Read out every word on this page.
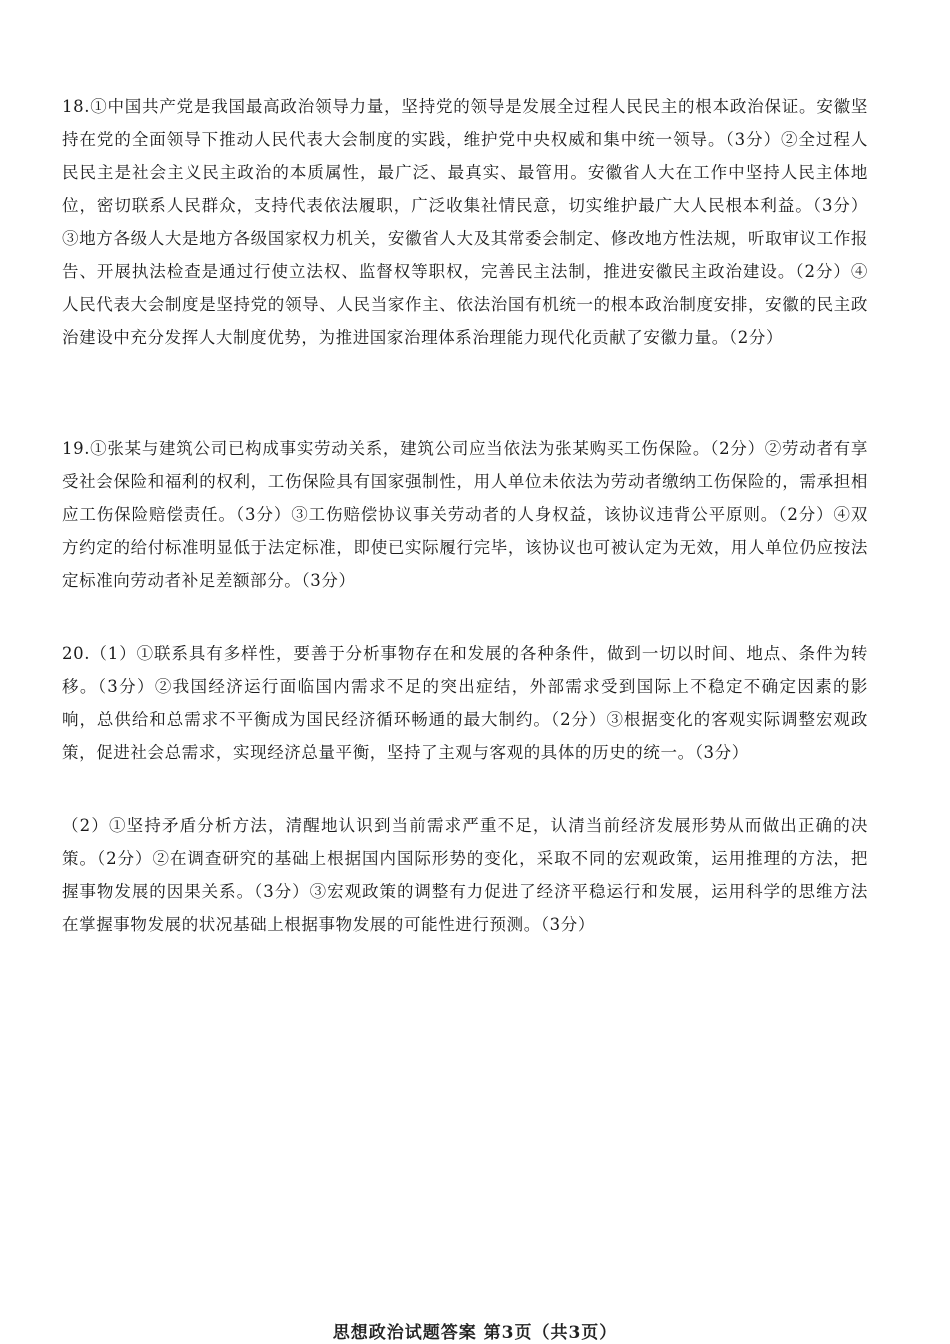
18.①中国共产党是我国最高政治领导力量，坚持党的领导是发展全过程人民民主的根本政治保证。安徽坚持在党的全面领导下推动人民代表大会制度的实践，维护党中央权威和集中统一领导。（3分）②全过程人民民主是社会主义民主政治的本质属性，最广泛、最真实、最管用。安徽省人大在工作中坚持人民主体地位，密切联系人民群众，支持代表依法履职，广泛收集社情民意，切实维护最广大人民根本利益。（3分）③地方各级人大是地方各级国家权力机关，安徽省人大及其常委会制定、修改地方性法规，听取审议工作报告、开展执法检查是通过行使立法权、监督权等职权，完善民主法制，推进安徽民主政治建设。（2分）④人民代表大会制度是坚持党的领导、人民当家作主、依法治国有机统一的根本政治制度安排，安徽的民主政治建设中充分发挥人大制度优势，为推进国家治理体系治理能力现代化贡献了安徽力量。（2分）

19.①张某与建筑公司已构成事实劳动关系，建筑公司应当依法为张某购买工伤保险。（2分）②劳动者有享受社会保险和福利的权利，工伤保险具有国家强制性，用人单位未依法为劳动者缴纳工伤保险的，需承担相应工伤保险赔偿责任。（3分）③工伤赔偿协议事关劳动者的人身权益，该协议违背公平原则。（2分）④双方约定的给付标准明显低于法定标准，即使已实际履行完毕，该协议也可被认定为无效，用人单位仍应按法定标准向劳动者补足差额部分。（3分）

20.（1）①联系具有多样性，要善于分析事物存在和发展的各种条件，做到一切以时间、地点、条件为转移。（3分）②我国经济运行面临国内需求不足的突出症结，外部需求受到国际上不稳定不确定因素的影响，总供给和总需求不平衡成为国民经济循环畅通的最大制约。（2分）③根据变化的客观实际调整宏观政策，促进社会总需求，实现经济总量平衡，坚持了主观与客观的具体的历史的统一。（3分）

（2）①坚持矛盾分析方法，清醒地认识到当前需求严重不足，认清当前经济发展形势从而做出正确的决策。（2分）②在调查研究的基础上根据国内国际形势的变化，采取不同的宏观政策，运用推理的方法，把握事物发展的因果关系。（3分）③宏观政策的调整有力促进了经济平稳运行和发展，运用科学的思维方法在掌握事物发展的状况基础上根据事物发展的可能性进行预测。（3分）

思想政治试题答案 第3页（共3页）
